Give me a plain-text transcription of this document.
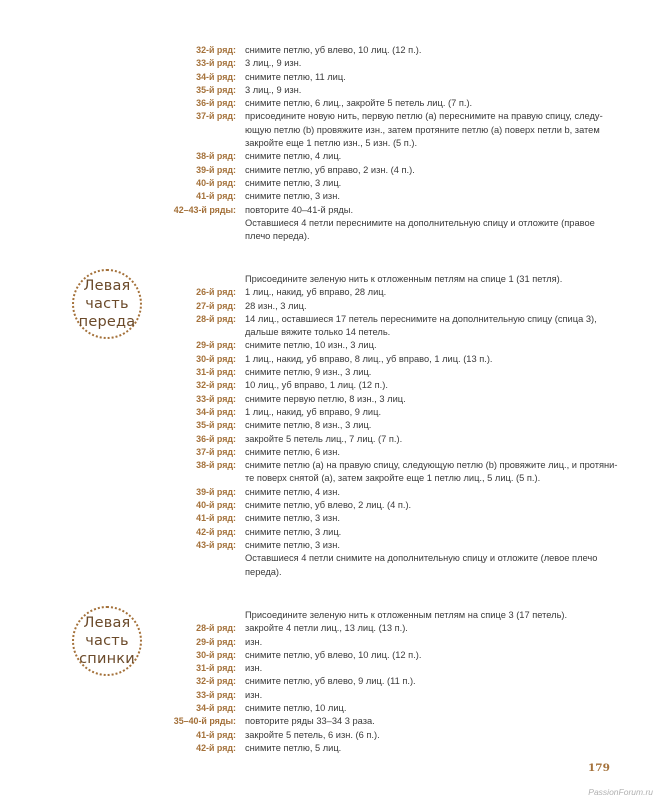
32-й ряд: снимите петлю, уб влево, 10 лиц. (12 п.).
33-й ряд: 3 лиц., 9 изн.
34-й ряд: снимите петлю, 11 лиц.
35-й ряд: 3 лиц., 9 изн.
36-й ряд: снимите петлю, 6 лиц., закройте 5 петель лиц. (7 п.).
37-й ряд: присоедините новую нить, первую петлю (а) переснимите на правую спицу, следу-
ющую петлю (b) провяжите изн., затем протяните петлю (а) поверх петли b, затем
закройте еще 1 петлю изн., 5 изн. (5 п.).
38-й ряд: снимите петлю, 4 лиц.
39-й ряд: снимите петлю, уб вправо, 2 изн. (4 п.).
40-й ряд: снимите петлю, 3 лиц.
41-й ряд: снимите петлю, 3 изн.
42–43-й ряды: повторите 40–41-й ряды.
Оставшиеся 4 петли переснимите на дополнительную спицу и отложите (правое
плечо переда).
Левая
часть
переда
Присоедините зеленую нить к отложенным петлям на спице 1 (31 петля).
26-й ряд: 1 лиц., накид, уб вправо, 28 лиц.
27-й ряд: 28 изн., 3 лиц.
28-й ряд: 14 лиц., оставшиеся 17 петель переснимите на дополнительную спицу (спица 3),
дальше вяжите только 14 петель.
29-й ряд: снимите петлю, 10 изн., 3 лиц.
30-й ряд: 1 лиц., накид, уб вправо, 8 лиц., уб вправо, 1 лиц. (13 п.).
31-й ряд: снимите петлю, 9 изн., 3 лиц.
32-й ряд: 10 лиц., уб вправо, 1 лиц. (12 п.).
33-й ряд: снимите первую петлю, 8 изн., 3 лиц.
34-й ряд: 1 лиц., накид, уб вправо, 9 лиц.
35-й ряд: снимите петлю, 8 изн., 3 лиц.
36-й ряд: закройте 5 петель лиц., 7 лиц. (7 п.).
37-й ряд: снимите петлю, 6 изн.
38-й ряд: снимите петлю (а) на правую спицу, следующую петлю (b) провяжите лиц., и протяни-
те поверх снятой (а), затем закройте еще 1 петлю лиц., 5 лиц. (5 п.).
39-й ряд: снимите петлю, 4 изн.
40-й ряд: снимите петлю, уб влево, 2 лиц. (4 п.).
41-й ряд: снимите петлю, 3 изн.
42-й ряд: снимите петлю, 3 лиц.
43-й ряд: снимите петлю, 3 изн.
Оставшиеся 4 петли снимите на дополнительную спицу и отложите (левое плечо
переда).
Левая
часть
спинки
Присоедините зеленую нить к отложенным петлям на спице 3 (17 петель).
28-й ряд: закройте 4 петли лиц., 13 лиц. (13 п.).
29-й ряд: изн.
30-й ряд: снимите петлю, уб влево, 10 лиц. (12 п.).
31-й ряд: изн.
32-й ряд: снимите петлю, уб влево, 9 лиц. (11 п.).
33-й ряд: изн.
34-й ряд: снимите петлю, 10 лиц.
35–40-й ряды: повторите ряды 33–34 3 раза.
41-й ряд: закройте 5 петель, 6 изн. (6 п.).
42-й ряд: снимите петлю, 5 лиц.
179
PassionForum.ru
